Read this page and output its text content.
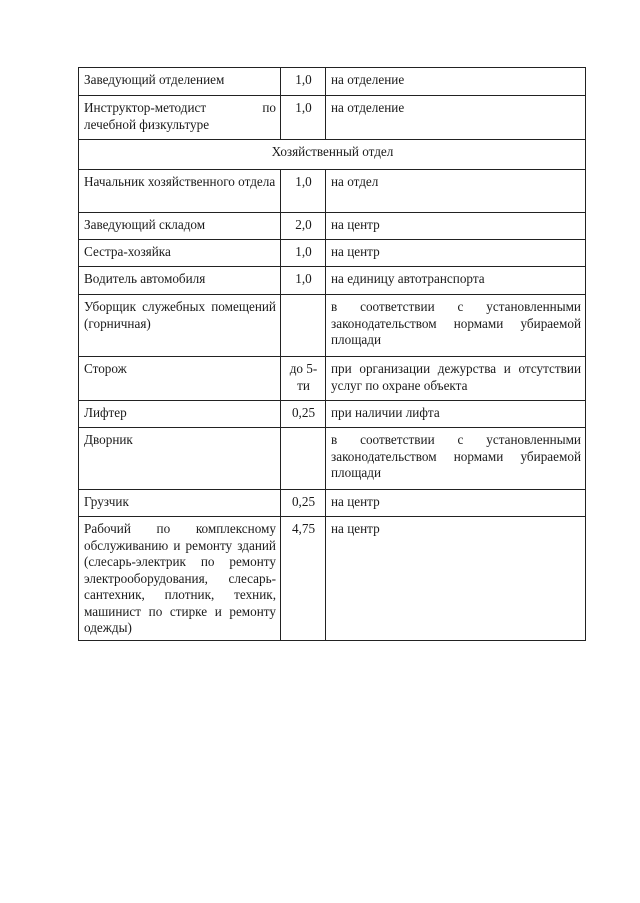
Заведующий отделением	1,0	на отделение

Инструктор-методист по лечебной физкультуре	1,0	на отделение
Хозяйственный отдел		

Начальник хозяйственного отдела	1,0	на отдел

Заведующий складом	2,0	на центр

Сестра-хозяйка	1,0	на центр

Водитель автомобиля	1,0	на единицу автотранспорта

Уборщик служебных помещений (горничная)		в соответствии с установленными законодательством нормами убираемой площади

Сторож	до 5-ти	при организации дежурства и отсутствии услуг по охране объекта

Лифтер	0,25	при наличии лифта

Дворник		в соответствии с установленными законодательством нормами убираемой площади

Грузчик	0,25	на центр

Рабочий по комплексному обслуживанию и ремонту зданий (слесарь-электрик по ремонту электрооборудования, слесарь-сантехник, плотник, техник, машинист по стирке и ремонту одежды)	4,75	на центр
